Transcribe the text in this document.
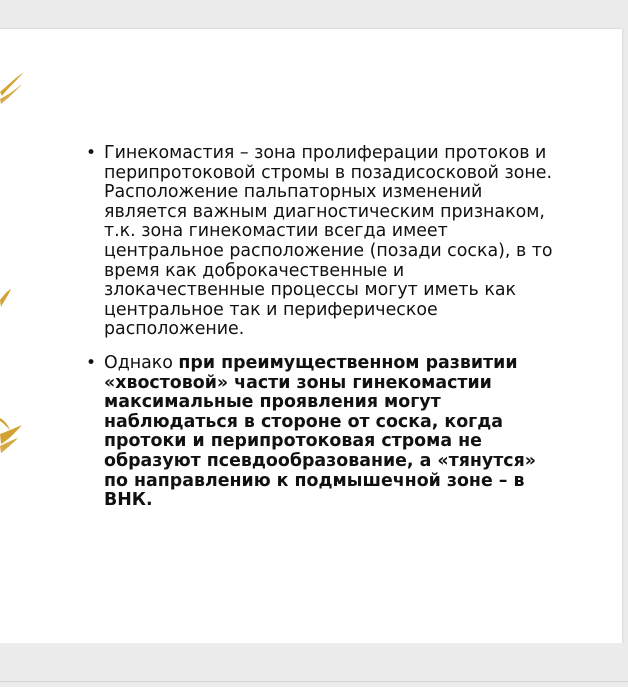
• Гинекомастия – зона пролиферации протоков и перипротоковой стромы в позадисосковой зоне. Расположение пальпаторных изменений является важным диагностическим признаком, т.к. зона гинекомастии всегда имеет центральное расположение (позади соска), в то время как доброкачественные и злокачественные процессы могут иметь как центральное так и периферическое расположение.
• Однако при преимущественном развитии «хвостовой» части зоны гинекомастии максимальные проявления могут наблюдаться в стороне от соска, когда протоки и перипротоковая строма не образуют псевдообразование, а «тянутся» по направлению к подмышечной зоне – в ВНК.
